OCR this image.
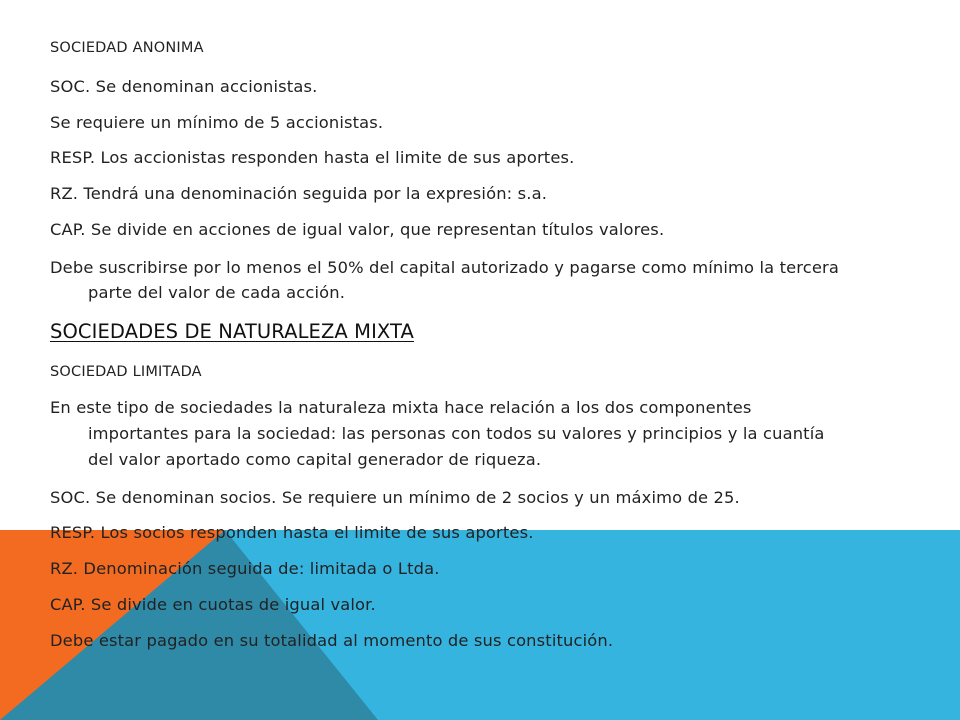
SOCIEDAD ANONIMA
SOC. Se denominan accionistas.
Se requiere un mínimo de 5 accionistas.
RESP. Los accionistas responden hasta el limite de sus aportes.
RZ. Tendrá una denominación seguida por la expresión: s.a.
CAP. Se divide en acciones de igual valor, que representan títulos valores.
Debe suscribirse por lo menos el 50% del capital autorizado y pagarse como mínimo la tercera
parte del valor de cada acción.
SOCIEDADES DE NATURALEZA MIXTA
SOCIEDAD LIMITADA
En este tipo de sociedades la naturaleza mixta hace relación a los dos componentes
importantes para la sociedad: las personas con todos su valores y principios y la cuantía
del valor aportado como capital generador de riqueza.
SOC. Se denominan socios. Se requiere un mínimo de 2 socios y un máximo de 25.
RESP. Los socios responden hasta el limite de sus aportes.
RZ. Denominación seguida de: limitada o Ltda.
CAP. Se divide en cuotas de igual valor.
Debe estar pagado en su totalidad al momento de sus constitución.
